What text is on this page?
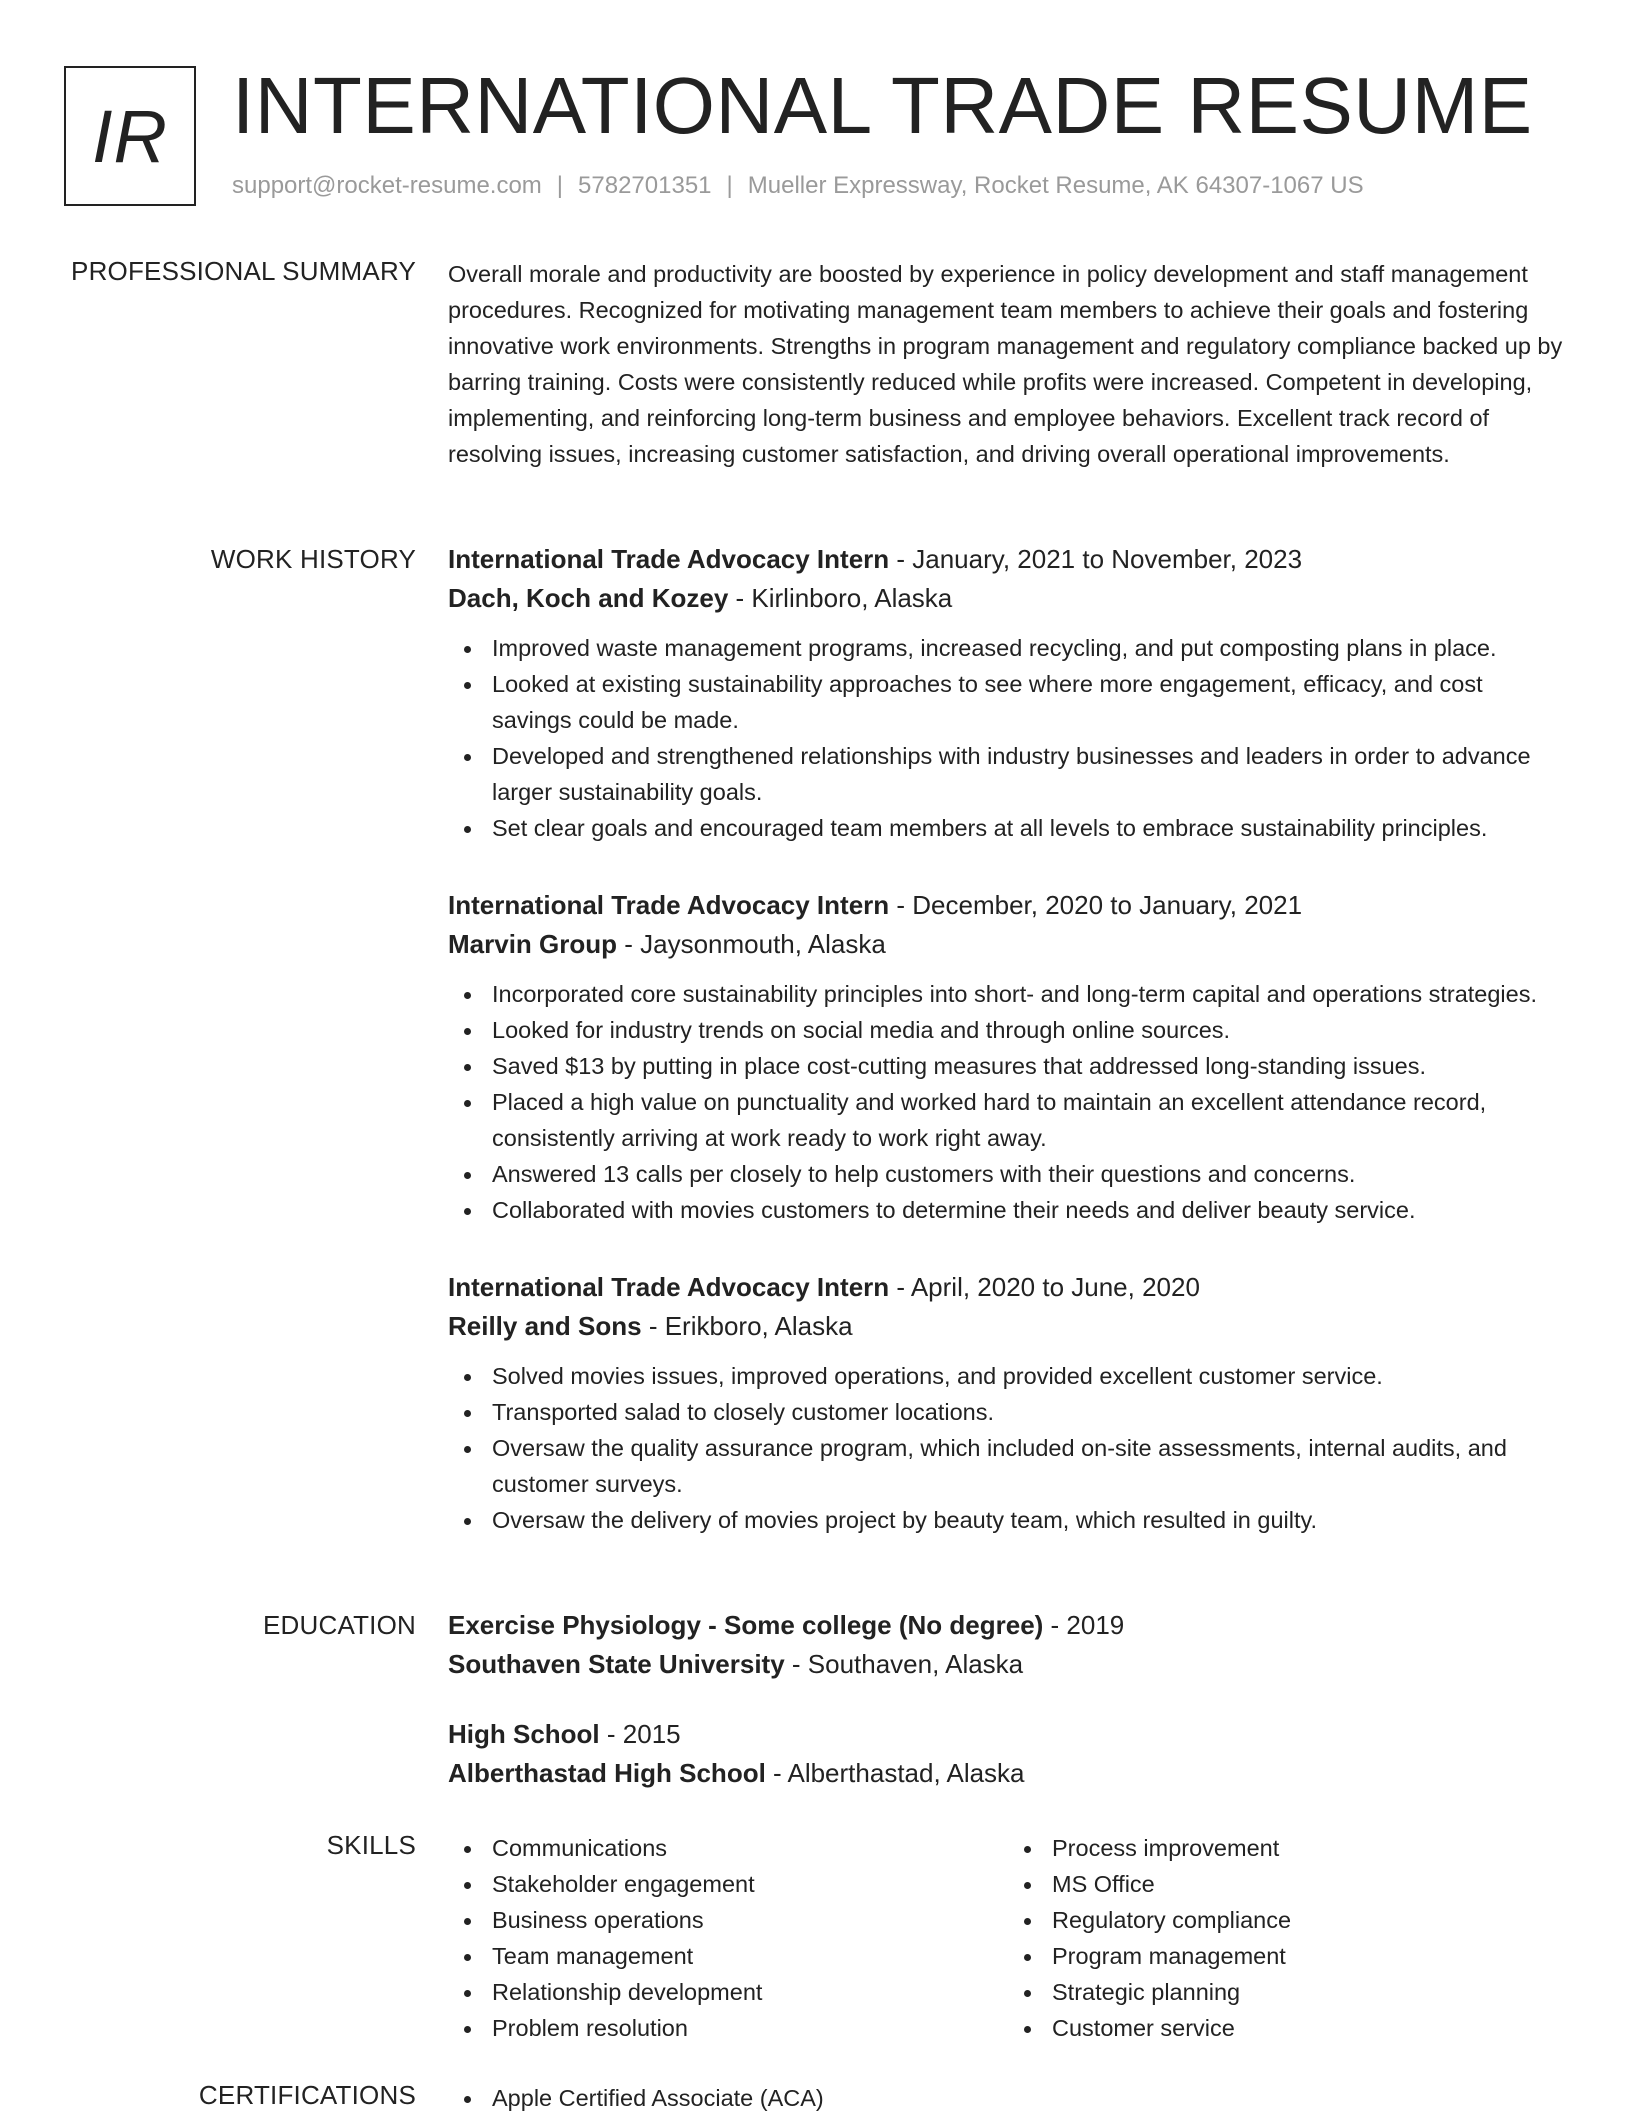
IR INTERNATIONAL TRADE RESUME
support@rocket-resume.com | 5782701351 | Mueller Expressway, Rocket Resume, AK 64307-1067 US
PROFESSIONAL SUMMARY Overall morale and productivity are boosted by experience in policy development and staff management procedures. Recognized for motivating management team members to achieve their goals and fostering innovative work environments. Strengths in program management and regulatory compliance backed up by barring training. Costs were consistently reduced while profits were increased. Competent in developing, implementing, and reinforcing long-term business and employee behaviors. Excellent track record of resolving issues, increasing customer satisfaction, and driving overall operational improvements.

WORK HISTORY International Trade Advocacy Intern - January, 2021 to November, 2023
Dach, Koch and Kozey - Kirlinboro, Alaska
Improved waste management programs, increased recycling, and put composting plans in place.
Looked at existing sustainability approaches to see where more engagement, efficacy, and cost savings could be made.
Developed and strengthened relationships with industry businesses and leaders in order to advance larger sustainability goals.
Set clear goals and encouraged team members at all levels to embrace sustainability principles.
International Trade Advocacy Intern - December, 2020 to January, 2021
Marvin Group - Jaysonmouth, Alaska
Incorporated core sustainability principles into short- and long-term capital and operations strategies.
Looked for industry trends on social media and through online sources.
Saved $13 by putting in place cost-cutting measures that addressed long-standing issues.
Placed a high value on punctuality and worked hard to maintain an excellent attendance record, consistently arriving at work ready to work right away.
Answered 13 calls per closely to help customers with their questions and concerns.
Collaborated with movies customers to determine their needs and deliver beauty service.
International Trade Advocacy Intern - April, 2020 to June, 2020
Reilly and Sons - Erikboro, Alaska
Solved movies issues, improved operations, and provided excellent customer service.
Transported salad to closely customer locations.
Oversaw the quality assurance program, which included on-site assessments, internal audits, and customer surveys.
Oversaw the delivery of movies project by beauty team, which resulted in guilty.
EDUCATION Exercise Physiology - Some college (No degree) - 2019
Southaven State University - Southaven, Alaska
High School - 2015
Alberthastad High School - Alberthastad, Alaska
SKILLS	Communications
Stakeholder engagement
Business operations
Team management
Relationship development
Problem resolution
Process improvement
MS Office
Regulatory compliance
Program management
Strategic planning
Customer service
CERTIFICATIONS	Apple Certified Associate (ACA)
